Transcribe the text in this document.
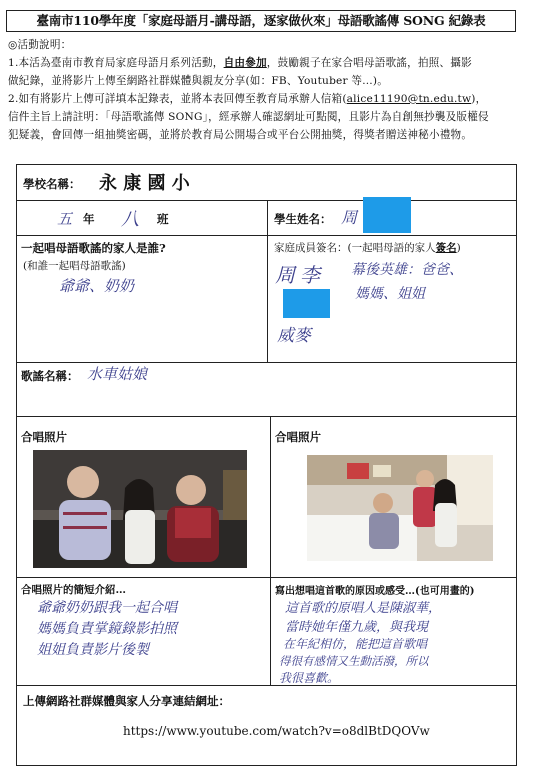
臺南市110學年度「家庭母語月-講母語，逐家做伙來」母語歌謠傳 SONG 紀錄表

◎活動說明：

1.本活為臺南市教育局家庭母語月系列活動，自由參加，鼓勵親子在家合唱母語歌謠，拍照、攝影

做紀錄，並將影片上傳至網路社群媒體與親友分享(如：FB、Youtuber 等…)。

2.如有將影片上傳可詳填本記錄表，並將本表回傳至教育局承辦人信箱(alice11190@tn.edu.tw)，

信件主旨上請註明：「母語歌謠傳 SONG」，經承辦人確認網址可點閱，且影片為自創無抄襲及版權侵

犯疑義，會回傳一組抽獎密碼，並將於教育局公開場合或平台公開抽獎，得獎者贈送神秘小禮物。

學校名稱： 永 康 國 小
五 年 八 班	學生姓名： 周
一起唱母語歌謠的家人是誰?
(和誰一起唱母語歌謠)
爺爺、奶奶
家庭成員簽名：(一起唱母語的家人簽名)
周 李 幕後英雄：爸爸、
媽媽、姐姐
威麥
歌謠名稱： 水車姑娘
合唱照片	合唱照片
合唱照片的簡短介紹…
爺爺奶奶跟我一起合唱
媽媽負責掌鏡錄影拍照
姐姐負責影片後製
寫出想唱這首歌的原因或感受…(也可用畫的)
這首歌的原唱人是陳淑華，
當時她年僅九歲，與我現
在年紀相仿，能把這首歌唱
得很有感情又生動活潑，所以
我很喜歡。
上傳網路社群媒體與家人分享連結網址：
https://www.youtube.com/watch?v=o8dlBtDQOVw
